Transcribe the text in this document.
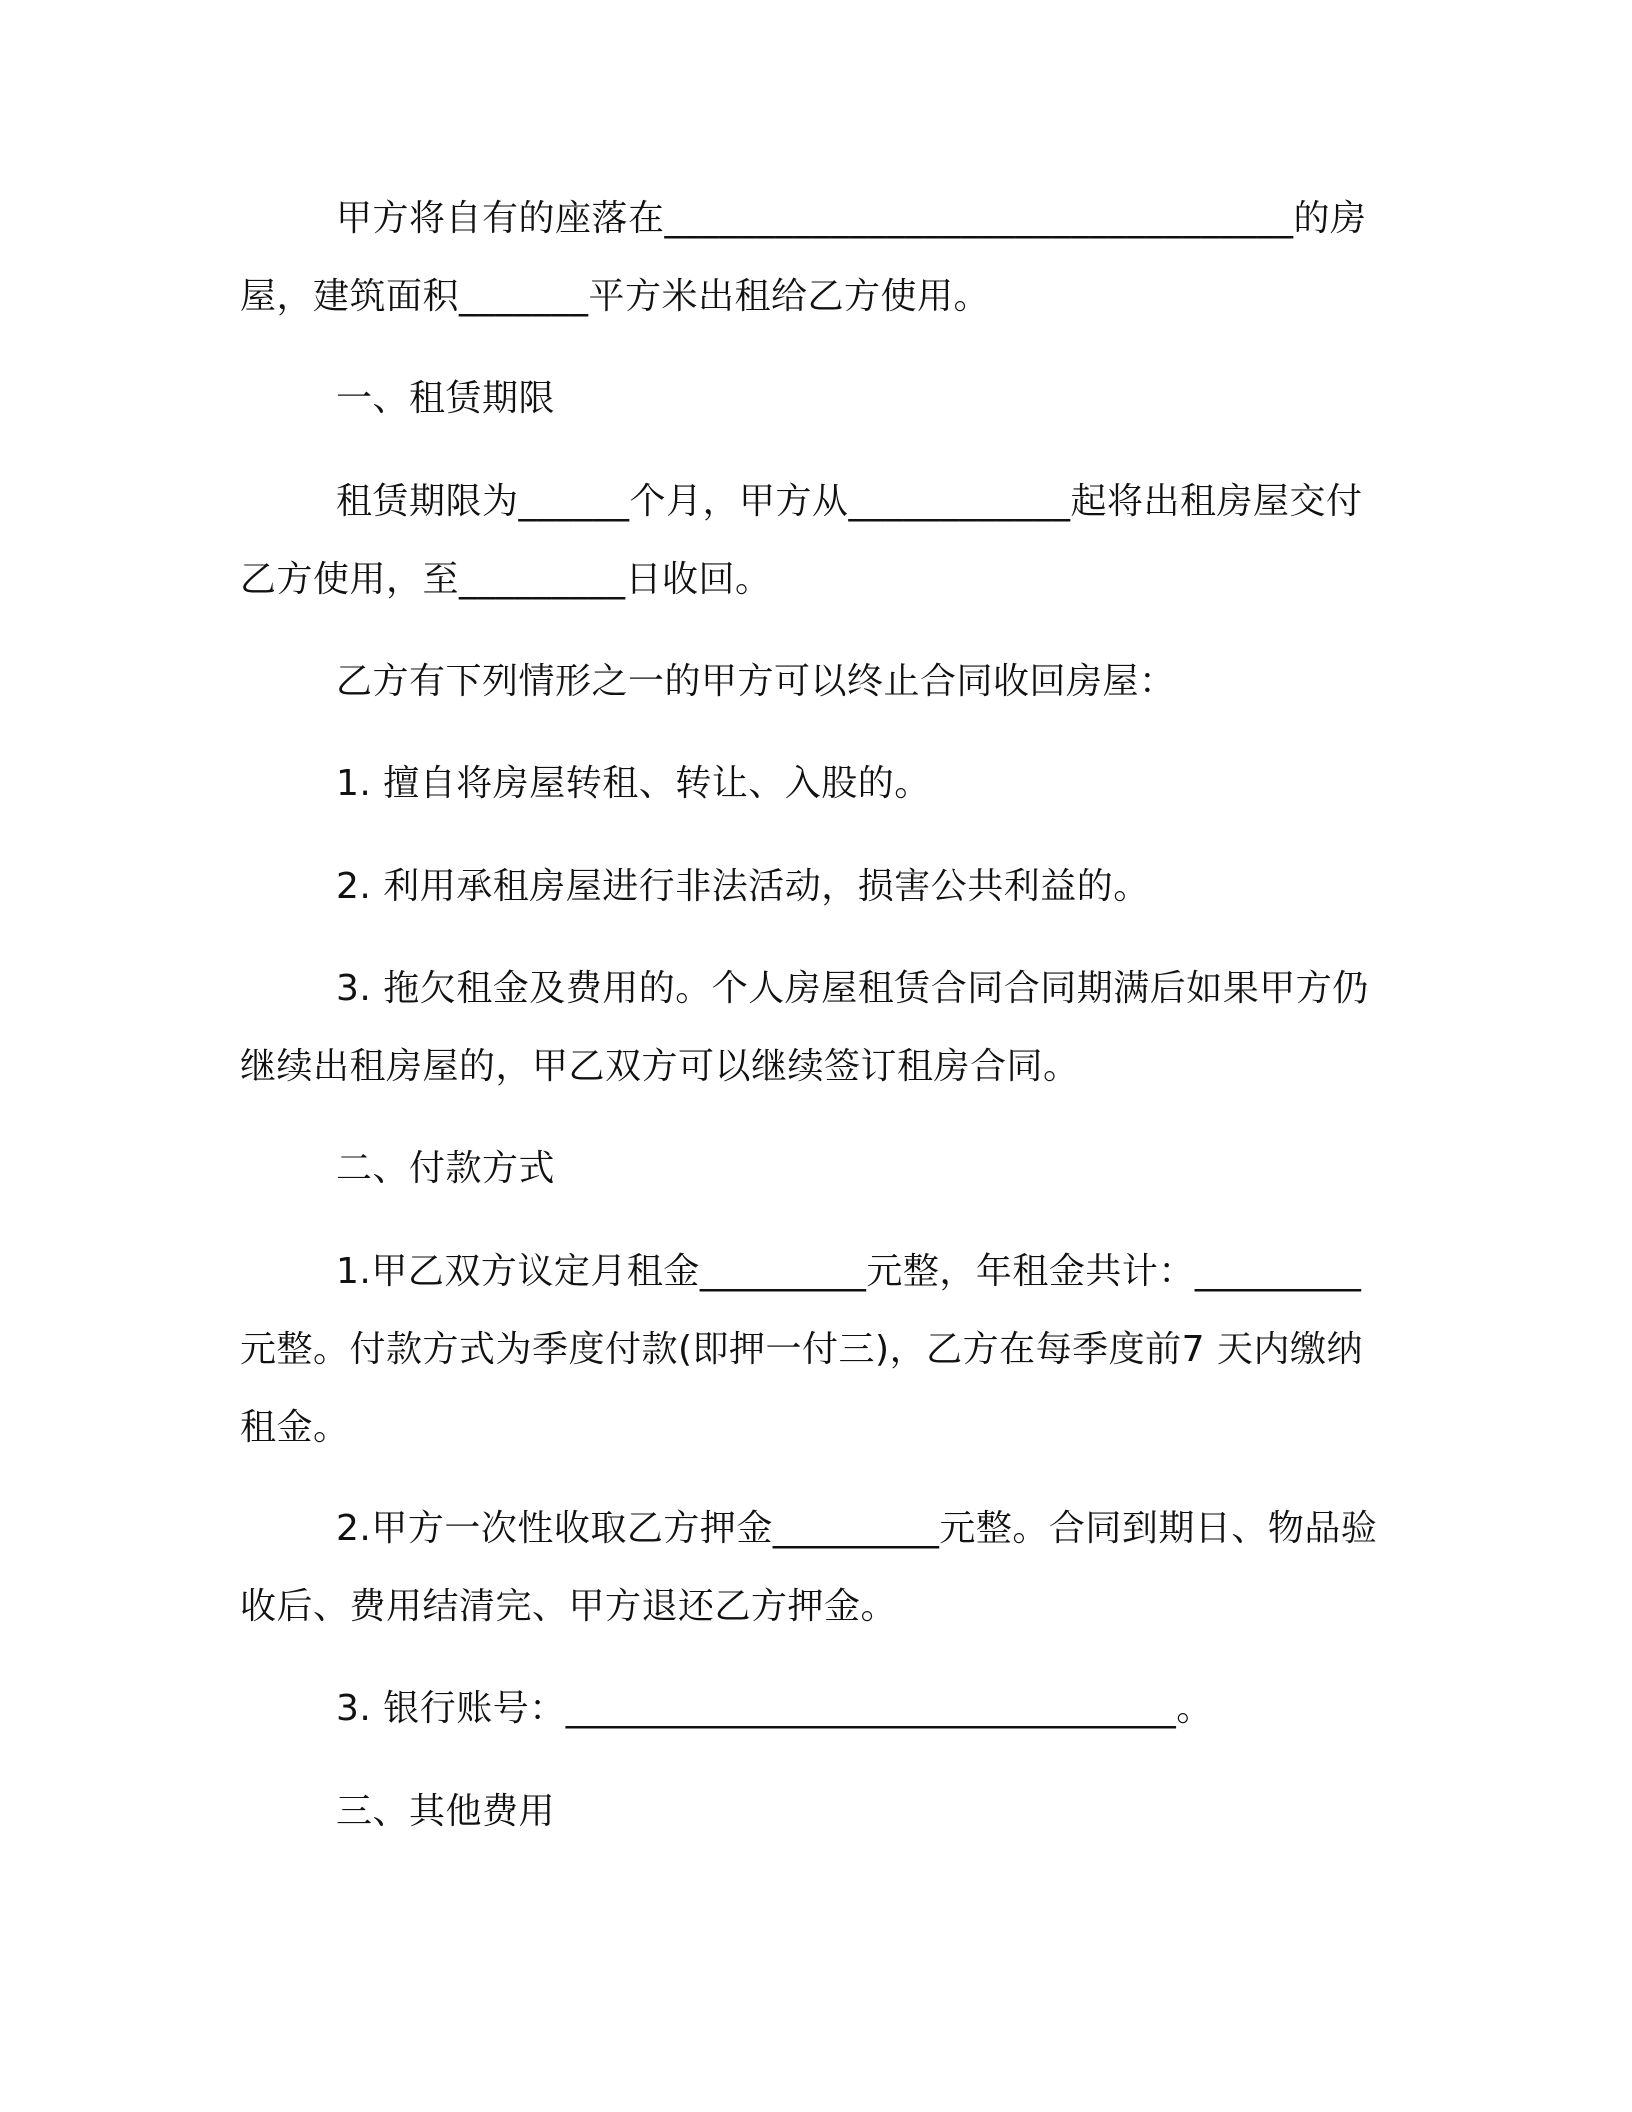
甲方将自有的座落在__________________________________的房屋，建筑面积_______平方米出租给乙方使用。

一、租赁期限

租赁期限为______个月，甲方从____________起将出租房屋交付乙方使用，至_________日收回。

乙方有下列情形之一的甲方可以终止合同收回房屋：

1. 擅自将房屋转租、转让、入股的。

2. 利用承租房屋进行非法活动，损害公共利益的。

3. 拖欠租金及费用的。个人房屋租赁合同合同期满后如果甲方仍继续出租房屋的，甲乙双方可以继续签订租房合同。

二、付款方式

1.甲乙双方议定月租金_________元整，年租金共计：_________元整。付款方式为季度付款(即押一付三)，乙方在每季度前7 天内缴纳租金。

2.甲方一次性收取乙方押金_________元整。合同到期日、物品验收后、费用结清完、甲方退还乙方押金。

3. 银行账号：_________________________________。

三、其他费用
